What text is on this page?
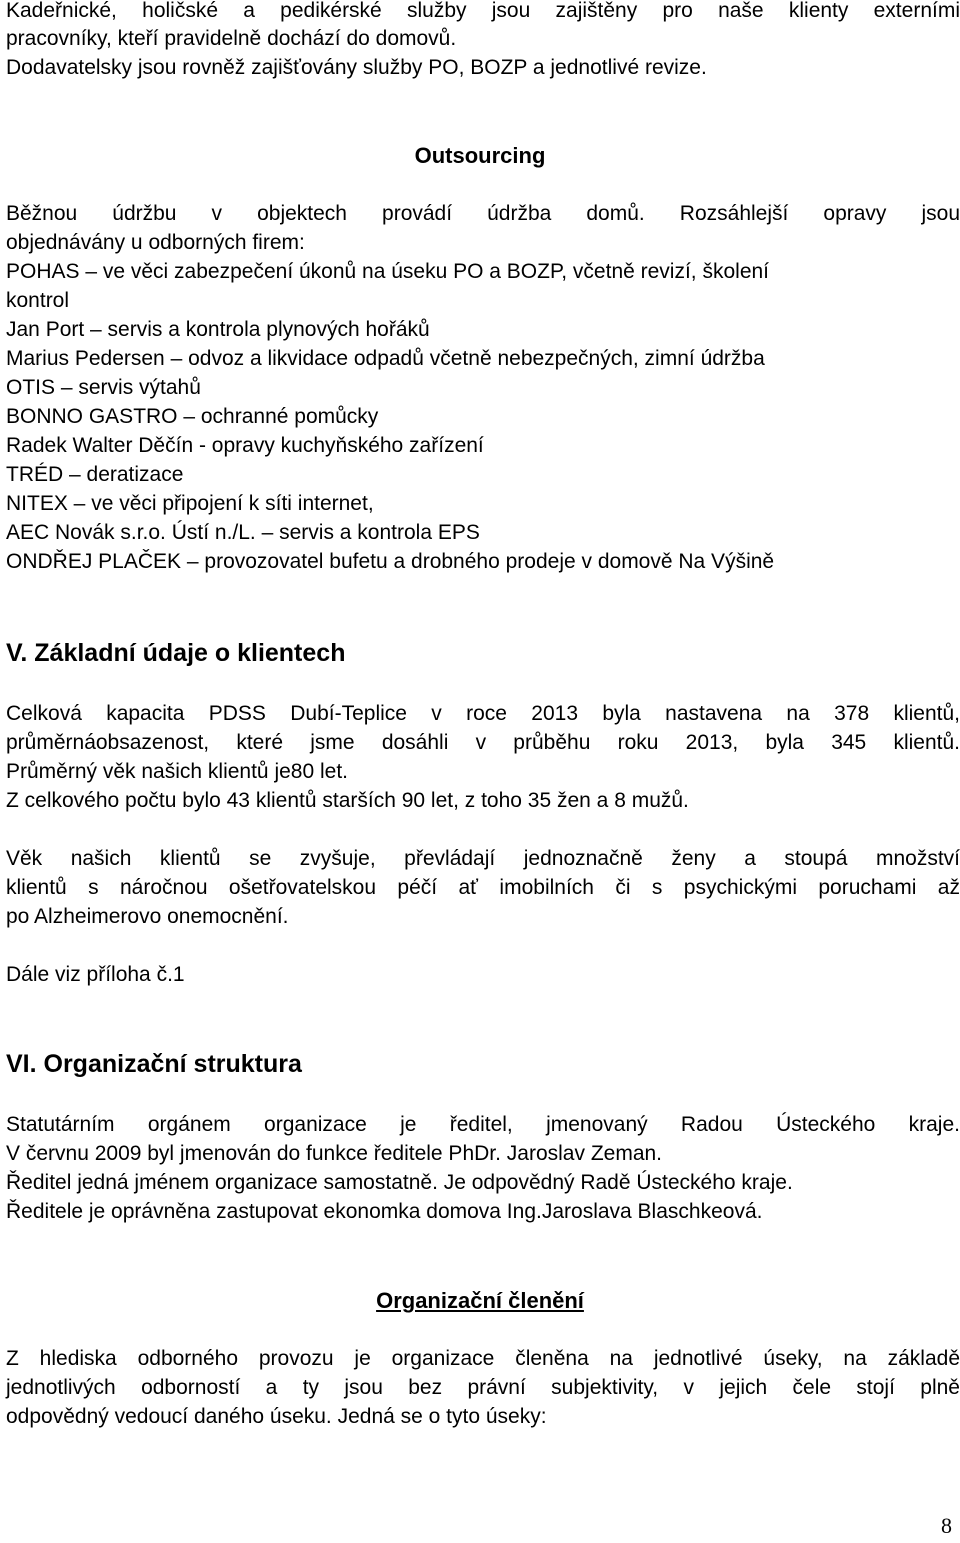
Kadeřnické, holičské a pedikérské služby jsou zajištěny pro naše klienty externími
pracovníky, kteří pravidelně dochází do domovů.
Dodavatelsky jsou rovněž zajišťovány služby PO, BOZP a jednotlivé revize.
Outsourcing
Běžnou údržbu v objektech provádí údržba domů. Rozsáhlejší opravy jsou
objednávány u odborných firem:
POHAS – ve věci zabezpečení úkonů na úseku PO a BOZP, včetně revizí, školení
kontrol
Jan Port – servis a kontrola plynových hořáků
Marius Pedersen – odvoz a likvidace odpadů včetně nebezpečných, zimní údržba
OTIS – servis výtahů
BONNO GASTRO – ochranné pomůcky
Radek Walter Děčín - opravy kuchyňského zařízení
TRÉD – deratizace
NITEX – ve věci připojení k síti internet,
AEC Novák s.r.o. Ústí n./L. – servis a kontrola EPS
ONDŘEJ PLAČEK – provozovatel bufetu a drobného prodeje v domově Na Výšině
V. Základní údaje o klientech
Celková kapacita PDSS Dubí-Teplice v roce 2013 byla nastavena na 378 klientů,
průměrnáobsazenost, které jsme dosáhli v průběhu roku 2013, byla 345 klientů.
Průměrný věk našich klientů je80 let.
Z celkového počtu bylo 43 klientů starších 90 let, z toho 35 žen a 8 mužů.
Věk našich klientů se zvyšuje, převládají jednoznačně ženy a stoupá množství
klientů s náročnou ošetřovatelskou péčí ať imobilních či s psychickými poruchami až
po Alzheimerovo onemocnění.
Dále viz příloha č.1
VI. Organizační struktura
Statutárním orgánem organizace je ředitel, jmenovaný Radou Ústeckého kraje.
V červnu 2009 byl jmenován do funkce ředitele PhDr. Jaroslav Zeman.
Ředitel jedná jménem organizace samostatně. Je odpovědný Radě Ústeckého kraje.
Ředitele je oprávněna zastupovat ekonomka domova Ing.Jaroslava Blaschkeová.
Organizační členění
Z hlediska odborného provozu je organizace členěna na jednotlivé úseky, na základě
jednotlivých odborností a ty jsou bez právní subjektivity, v jejich čele stojí plně
odpovědný vedoucí daného úseku. Jedná se o tyto úseky:
8
